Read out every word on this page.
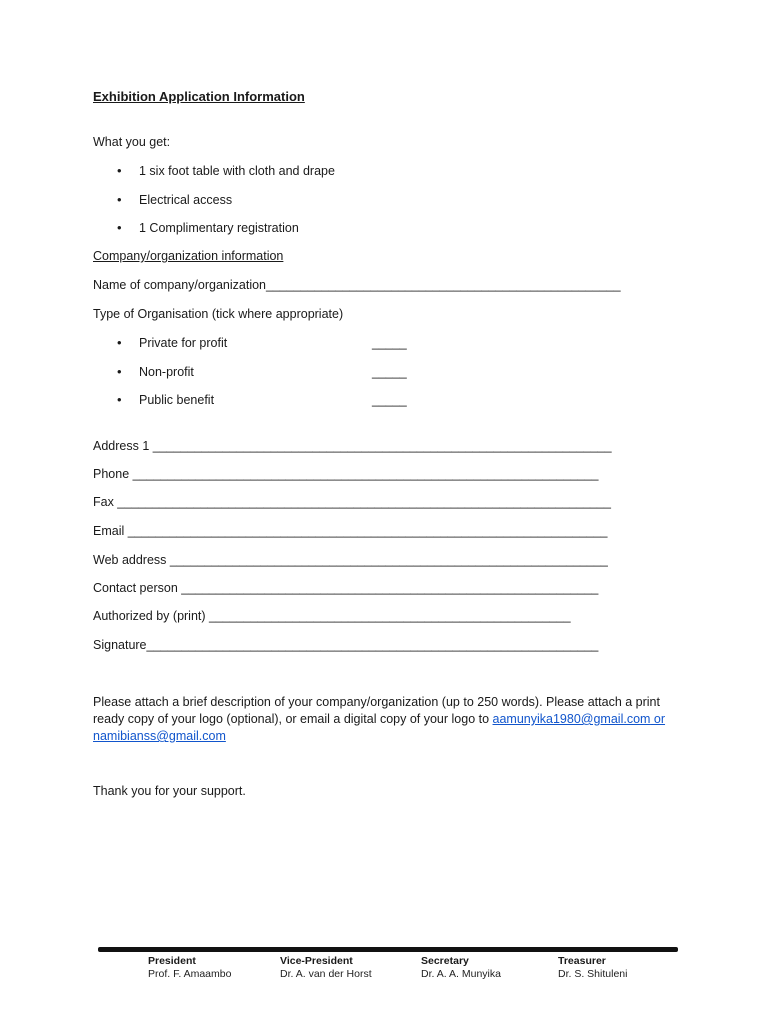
Exhibition Application Information
What you get:
•
1 six foot table with cloth and drape
•
Electrical access
•
1 Complimentary registration
Company/organization information
Name of company/organization___________________________________________________
Type of Organisation (tick where appropriate)
•
Private for profit	_____
•
Non-profit	_____
•
Public benefit	_____
Address 1 __________________________________________________________________
Phone ___________________________________________________________________
Fax _______________________________________________________________________
Email _____________________________________________________________________
Web address _______________________________________________________________
Contact person ____________________________________________________________
Authorized by (print) ____________________________________________________
Signature_________________________________________________________________
Please attach a brief description of your company/organization (up to 250 words). Please attach a print ready copy of your logo (optional), or email a digital copy of your logo to aamunyika1980@gmail.com or namibianss@gmail.com
Thank you for your support.
President
Prof. F. Amaambo
Vice-President
Dr. A. van der Horst
Secretary
Dr. A. A. Munyika
Treasurer
Dr. S. Shituleni
